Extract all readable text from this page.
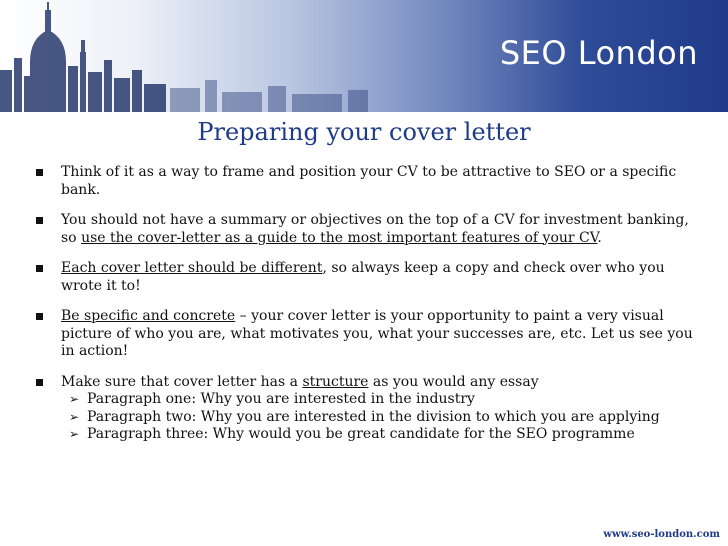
SEO London
Preparing your cover letter
Think of it as a way to frame and position your CV to be attractive to SEO or a specific bank.
You should not have a summary or objectives on the top of a CV for investment banking, so use the cover-letter as a guide to the most important features of your CV.
Each cover letter should be different, so always keep a copy and check over who you wrote it to!
Be specific and concrete – your cover letter is your opportunity to paint a very visual picture of who you are, what motivates you, what your successes are, etc. Let us see you in action!
Make sure that cover letter has a structure as you would any essay
➢ Paragraph one: Why you are interested in the industry
➢ Paragraph two: Why you are interested in the division to which you are applying
➢ Paragraph three: Why would you be great candidate for the SEO programme
www.seo-london.com
